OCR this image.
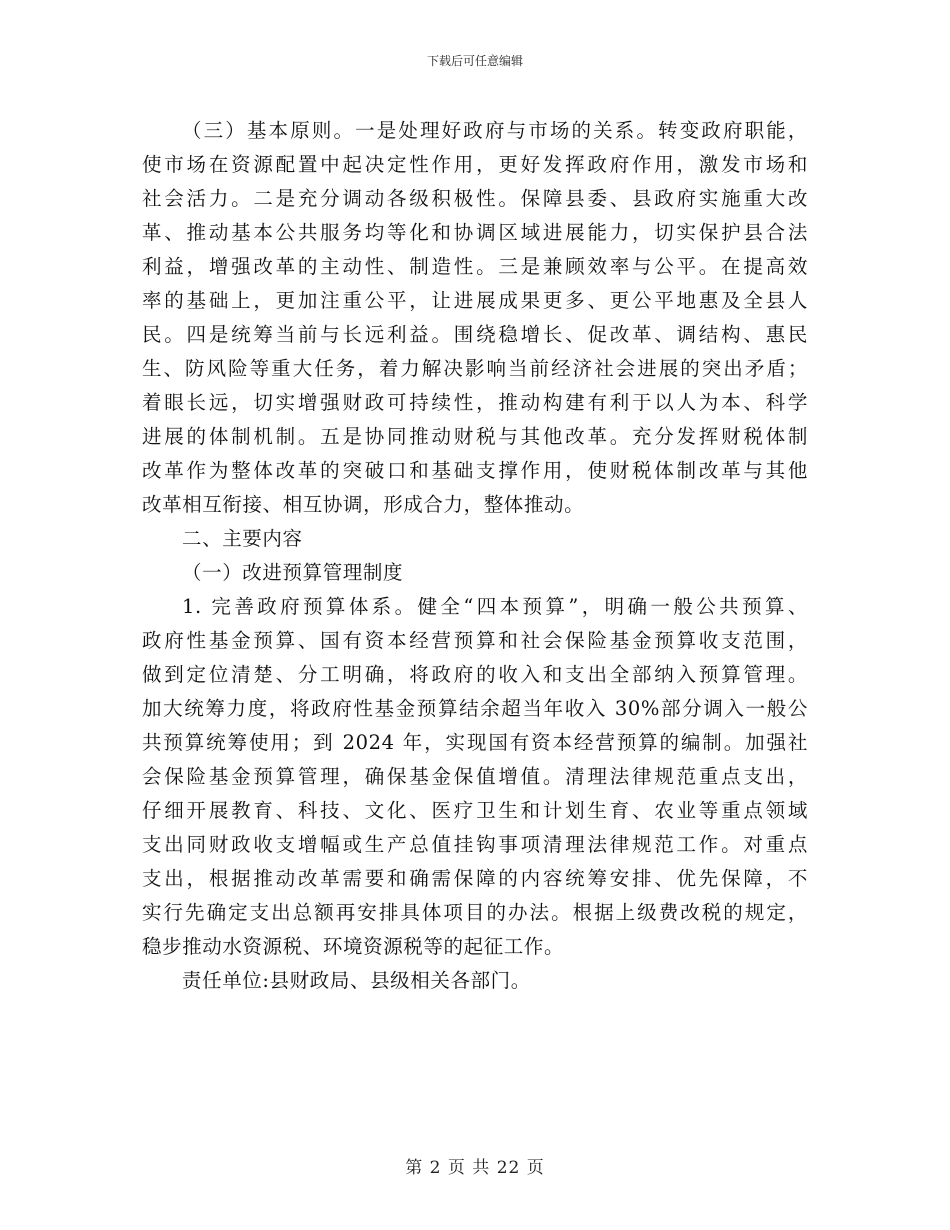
下载后可任意编辑
（三）基本原则。一是处理好政府与市场的关系。转变政府职能，
使市场在资源配置中起决定性作用，更好发挥政府作用，激发市场和
社会活力。二是充分调动各级积极性。保障县委、县政府实施重大改
革、推动基本公共服务均等化和协调区域进展能力，切实保护县合法
利益，增强改革的主动性、制造性。三是兼顾效率与公平。在提高效
率的基础上，更加注重公平，让进展成果更多、更公平地惠及全县人
民。四是统筹当前与长远利益。围绕稳增长、促改革、调结构、惠民
生、防风险等重大任务，着力解决影响当前经济社会进展的突出矛盾；
着眼长远，切实增强财政可持续性，推动构建有利于以人为本、科学
进展的体制机制。五是协同推动财税与其他改革。充分发挥财税体制
改革作为整体改革的突破口和基础支撑作用，使财税体制改革与其他
改革相互衔接、相互协调，形成合力，整体推动。
二、主要内容
（一）改进预算管理制度
1. 完善政府预算体系。健全“四本预算”，明确一般公共预算、
政府性基金预算、国有资本经营预算和社会保险基金预算收支范围，
做到定位清楚、分工明确，将政府的收入和支出全部纳入预算管理。
加大统筹力度，将政府性基金预算结余超当年收入 30%部分调入一般公
共预算统筹使用；到 2024 年，实现国有资本经营预算的编制。加强社
会保险基金预算管理，确保基金保值增值。清理法律规范重点支出，
仔细开展教育、科技、文化、医疗卫生和计划生育、农业等重点领域
支出同财政收支增幅或生产总值挂钩事项清理法律规范工作。对重点
支出，根据推动改革需要和确需保障的内容统筹安排、优先保障，不
实行先确定支出总额再安排具体项目的办法。根据上级费改税的规定，
稳步推动水资源税、环境资源税等的起征工作。
责任单位:县财政局、县级相关各部门。
第 2 页 共 22 页
